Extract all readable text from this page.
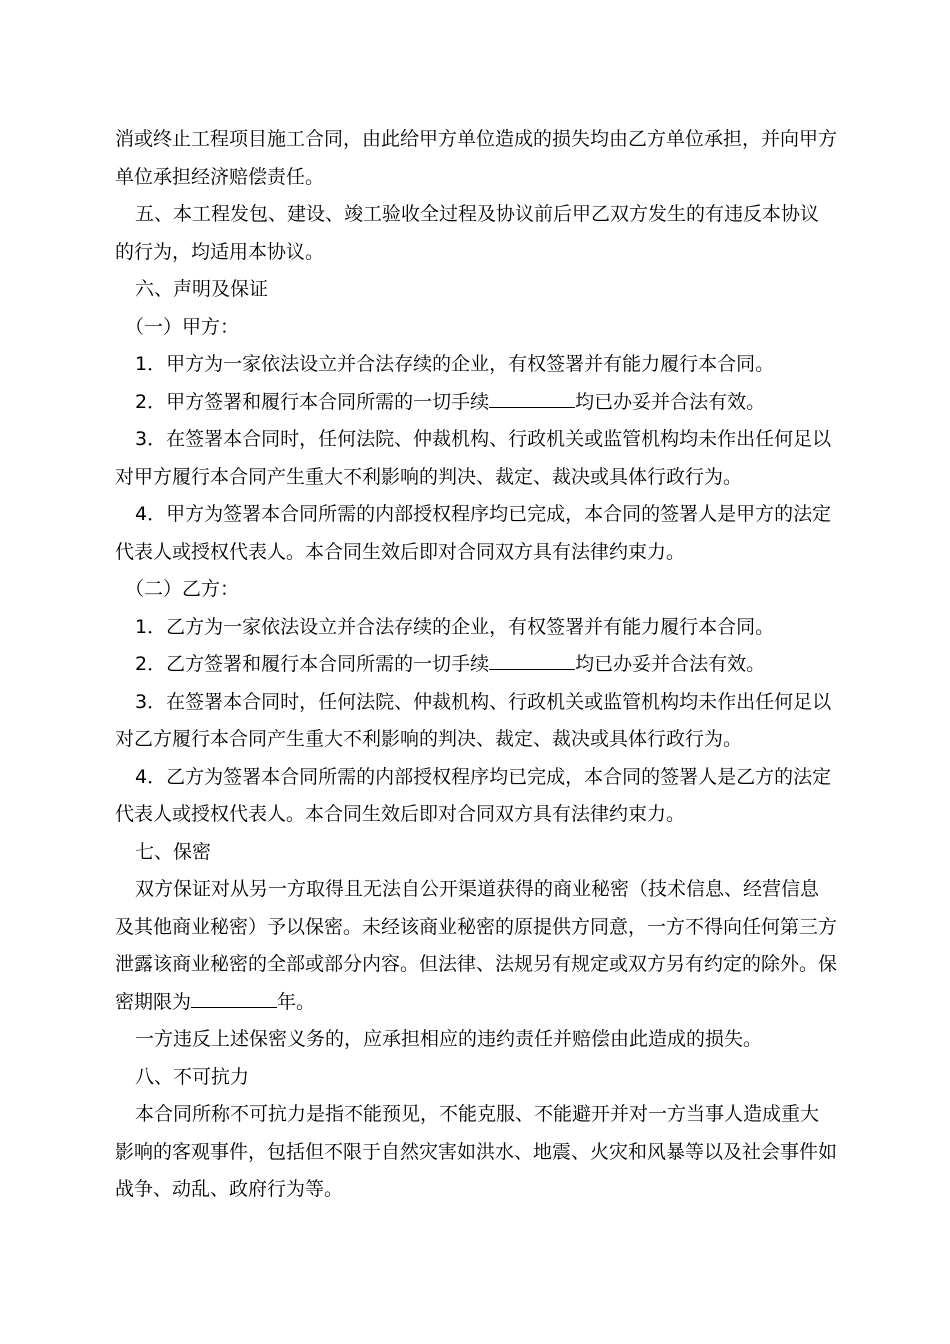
消或终止工程项目施工合同，由此给甲方单位造成的损失均由乙方单位承担，并向甲方单位承担经济赔偿责任。

五、本工程发包、建设、竣工验收全过程及协议前后甲乙双方发生的有违反本协议的行为，均适用本协议。

六、声明及保证

（一）甲方：

1．甲方为一家依法设立并合法存续的企业，有权签署并有能力履行本合同。

2．甲方签署和履行本合同所需的一切手续	均已办妥并合法有效。

3．在签署本合同时，任何法院、仲裁机构、行政机关或监管机构均未作出任何足以对甲方履行本合同产生重大不利影响的判决、裁定、裁决或具体行政行为。

4．甲方为签署本合同所需的内部授权程序均已完成，本合同的签署人是甲方的法定代表人或授权代表人。本合同生效后即对合同双方具有法律约束力。

（二）乙方：

1．乙方为一家依法设立并合法存续的企业，有权签署并有能力履行本合同。

2．乙方签署和履行本合同所需的一切手续	均已办妥并合法有效。

3．在签署本合同时，任何法院、仲裁机构、行政机关或监管机构均未作出任何足以对乙方履行本合同产生重大不利影响的判决、裁定、裁决或具体行政行为。

4．乙方为签署本合同所需的内部授权程序均已完成，本合同的签署人是乙方的法定代表人或授权代表人。本合同生效后即对合同双方具有法律约束力。

七、保密

双方保证对从另一方取得且无法自公开渠道获得的商业秘密（技术信息、经营信息及其他商业秘密）予以保密。未经该商业秘密的原提供方同意，一方不得向任何第三方泄露该商业秘密的全部或部分内容。但法律、法规另有规定或双方另有约定的除外。保密期限为	年。

一方违反上述保密义务的，应承担相应的违约责任并赔偿由此造成的损失。

八、不可抗力

本合同所称不可抗力是指不能预见，不能克服、不能避开并对一方当事人造成重大影响的客观事件，包括但不限于自然灾害如洪水、地震、火灾和风暴等以及社会事件如战争、动乱、政府行为等。
